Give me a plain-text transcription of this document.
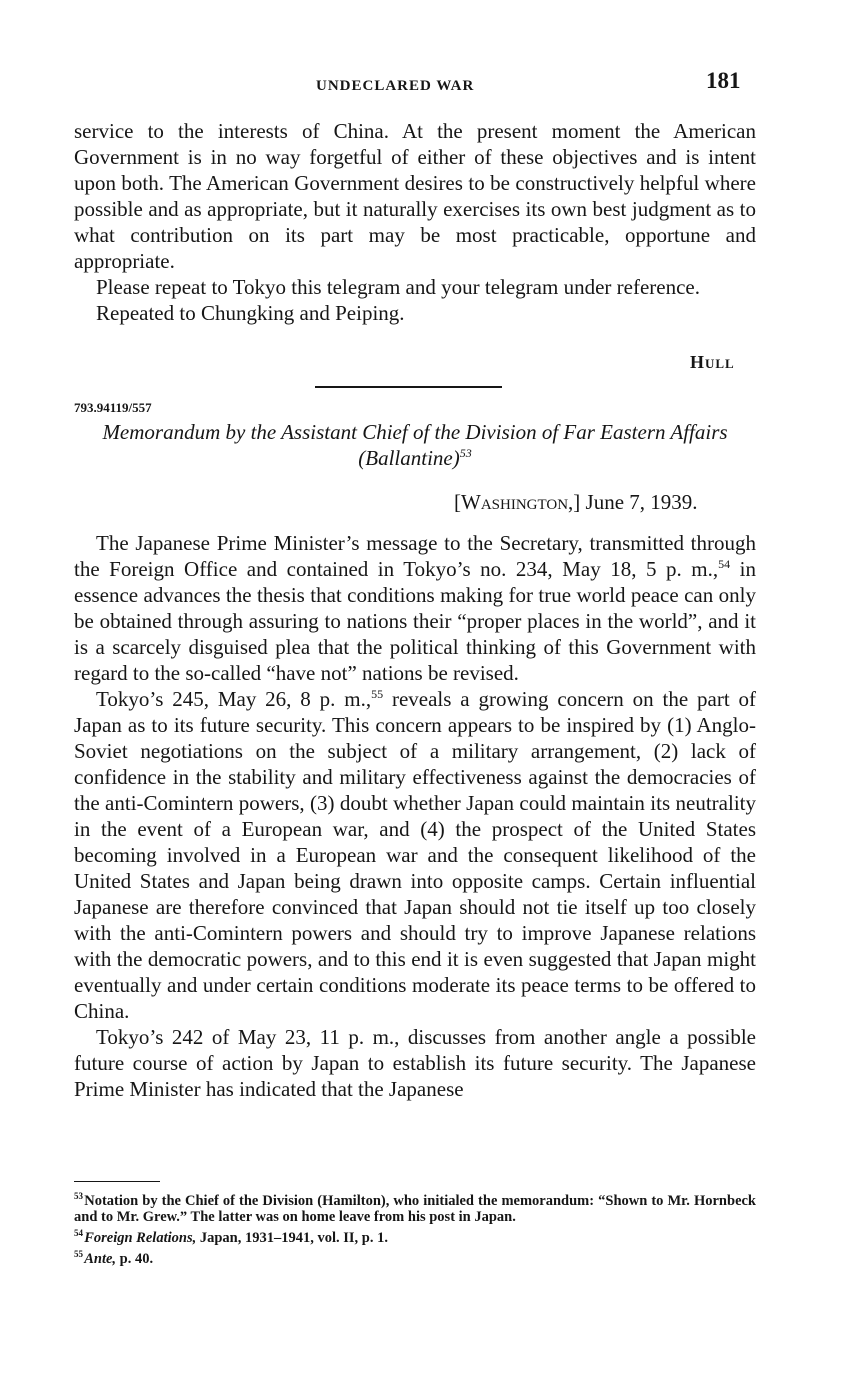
UNDECLARED WAR	181

service to the interests of China. At the present moment the American Government is in no way forgetful of either of these objectives and is intent upon both. The American Government desires to be constructively helpful where possible and as appropriate, but it naturally exercises its own best judgment as to what contribution on its part may be most practicable, opportune and appropriate.

Please repeat to Tokyo this telegram and your telegram under reference.

Repeated to Chungking and Peiping.

Hull
793.94119/557

Memorandum by the Assistant Chief of the Division of Far Eastern Affairs (Ballantine)$^{53}$

[Washington,] June 7, 1939.

The Japanese Prime Minister’s message to the Secretary, transmitted through the Foreign Office and contained in Tokyo’s no. 234, May 18, 5 p. m.,$^{54}$ in essence advances the thesis that conditions making for true world peace can only be obtained through assuring to nations their “proper places in the world”, and it is a scarcely disguised plea that the political thinking of this Government with regard to the so-called “have not” nations be revised.

Tokyo’s 245, May 26, 8 p. m.,$^{55}$ reveals a growing concern on the part of Japan as to its future security. This concern appears to be inspired by (1) Anglo-Soviet negotiations on the subject of a military arrangement, (2) lack of confidence in the stability and military effectiveness against the democracies of the anti-Comintern powers, (3) doubt whether Japan could maintain its neutrality in the event of a European war, and (4) the prospect of the United States becoming involved in a European war and the consequent likelihood of the United States and Japan being drawn into opposite camps. Certain influential Japanese are therefore convinced that Japan should not tie itself up too closely with the anti-Comintern powers and should try to improve Japanese relations with the democratic powers, and to this end it is even suggested that Japan might eventually and under certain conditions moderate its peace terms to be offered to China.

Tokyo’s 242 of May 23, 11 p. m., discusses from another angle a possible future course of action by Japan to establish its future security. The Japanese Prime Minister has indicated that the Japanese

$^{53}$ Notation by the Chief of the Division (Hamilton), who initialed the memorandum: “Shown to Mr. Hornbeck and to Mr. Grew.” The latter was on home leave from his post in Japan.

$^{54}$ Foreign Relations, Japan, 1931–1941, vol. II, p. 1.

$^{55}$ Ante, p. 40.
